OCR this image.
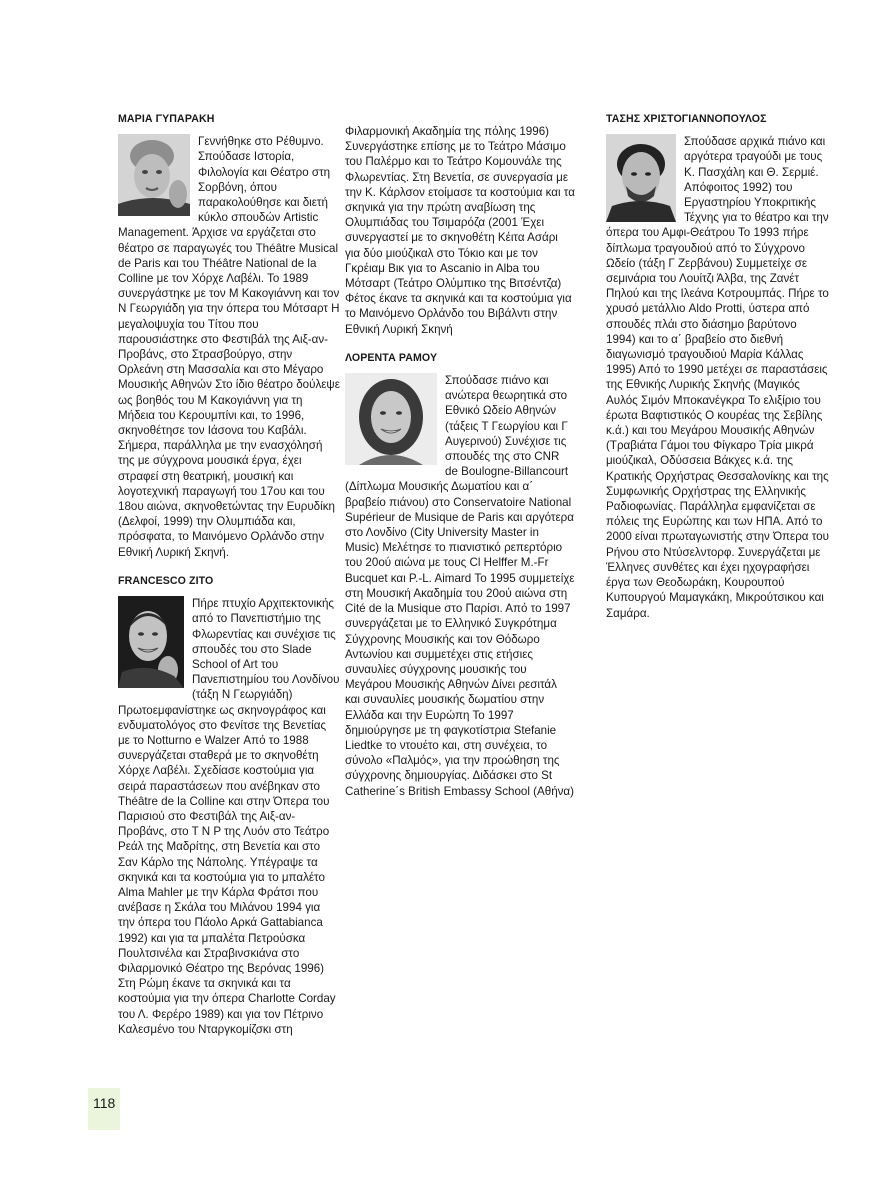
ΜΑΡΙΑ ΓΥΠΑΡΑΚΗ

Γεννήθηκε στο Ρέθυμνο. Σπούδασε Ιστορία, Φιλολογία και Θέατρο στη Σορβόνη, όπου παρακολούθησε και διετή κύκλο σπουδών Artistic Management. Άρχισε να εργάζεται στο θέατρο σε παραγωγές του Théâtre Musical de Paris και του Théâtre National de la Colline με τον Χόρχε Λαβέλι. Το 1989 συνεργάστηκε με τον Μ Κακογιάννη και τον Ν Γεωργιάδη για την όπερα του Μότσαρτ Η μεγαλοψυχία του Τίτου που παρουσιάστηκε στο Φεστιβάλ της Αιξ-αν-Προβάνς, στο Στρασβούργο, στην Ορλεάνη στη Μασσαλία και στο Μέγαρο Μουσικής Αθηνών Στο ίδιο θέατρο δούλεψε ως βοηθός του Μ Κακογιάννη για τη Μήδεια του Κερουμπίνι και, το 1996, σκηνοθέτησε τον Ιάσονα του Καβάλι. Σήμερα, παράλληλα με την ενασχόλησή της με σύγχρονα μουσικά έργα, έχει στραφεί στη θεατρική, μουσική και λογοτεχνική παραγωγή του 17ου και του 18ου αιώνα, σκηνοθετώντας την Ευρυδίκη (Δελφοί, 1999) την Ολυμπιάδα και, πρόσφατα, το Μαινόμενο Ορλάνδο στην Εθνική Λυρική Σκηνή.

FRANCESCO ZITO

Πήρε πτυχίο Αρχιτεκτονικής από το Πανεπιστήμιο της Φλωρεντίας και συνέχισε τις σπουδές του στο Slade School of Art του Πανεπιστημίου του Λονδίνου (τάξη Ν Γεωργιάδη) Πρωτοεμφανίστηκε ως σκηνογράφος και ενδυματολόγος στο Φενίτσε της Βενετίας με το Notturno e Walzer Από το 1988 συνεργάζεται σταθερά με το σκηνοθέτη Χόρχε Λαβέλι. Σχεδίασε κοστούμια για σειρά παραστάσεων που ανέβηκαν στο Théâtre de la Colline και στην Όπερα του Παρισιού στο Φεστιβάλ της Αιξ-αν-Προβάνς, στο Τ Ν Ρ της Λυόν στο Τεάτρο Ρεάλ της Μαδρίτης, στη Βενετία και στο Σαν Κάρλο της Νάπολης. Υπέγραψε τα σκηνικά και τα κοστούμια για το μπαλέτο Alma Mahler με την Κάρλα Φράτσι που ανέβασε η Σκάλα του Μιλάνου 1994 για την όπερα του Πάολο Αρκά Gattabianca 1992) και για τα μπαλέτα Πετρούσκα Πουλτσινέλα και Στραβινσκιάνα στο Φιλαρμονικό Θέατρο της Βερόνας 1996) Στη Ρώμη έκανε τα σκηνικά και τα κοστούμια για την όπερα Charlotte Corday του Λ. Φερέρο 1989) και για τον Πέτρινο Καλεσμένο του Νταργκομίζσκι στη

Φιλαρμονική Ακαδημία της πόλης 1996) Συνεργάστηκε επίσης με το Τεάτρο Μάσιμο του Παλέρμο και το Τεάτρο Κομουνάλε της Φλωρεντίας. Στη Βενετία, σε συνεργασία με την Κ. Κάρλσον ετοίμασε τα κοστούμια και τα σκηνικά για την πρώτη αναβίωση της Ολυμπιάδας του Τσιμαρόζα (2001 Έχει συνεργαστεί με το σκηνοθέτη Κέιτα Ασάρι για δύο μιούζικαλ στο Τόκιο και με τον Γκρέιαμ Βικ για το Ascanio in Alba του Μότσαρτ (Τεάτρο Ολύμπικο της Βιτσέντζα) Φέτος έκανε τα σκηνικά και τα κοστούμια για το Μαινόμενο Ορλάνδο του Βιβάλντι στην Εθνική Λυρική Σκηνή

ΛΟΡΕΝΤΑ ΡΑΜΟΥ

Σπούδασε πιάνο και ανώτερα θεωρητικά στο Εθνικό Ωδείο Αθηνών (τάξεις Τ Γεωργίου και Γ Αυγερινού) Συνέχισε τις σπουδές της στο CNR de Boulogne-Billancourt (Δίπλωμα Μουσικής Δωματίου και α΄ βραβείο πιάνου) στο Conservatoire National Supérieur de Musique de Paris και αργότερα στο Λονδίνο (City University Master in Music) Μελέτησε το πιανιστικό ρεπερτόριο του 20ού αιώνα με τους Cl Helffer M.-Fr Bucquet και P.-L. Aimard Το 1995 συμμετείχε στη Μουσική Ακαδημία του 20ού αιώνα στη Cité de la Musique στο Παρίσι. Από το 1997 συνεργάζεται με το Ελληνικό Συγκρότημα Σύγχρονης Μουσικής και τον Θόδωρο Αντωνίου και συμμετέχει στις ετήσιες συναυλίες σύγχρονης μουσικής του Μεγάρου Μουσικής Αθηνών Δίνει ρεσιτάλ και συναυλίες μουσικής δωματίου στην Ελλάδα και την Ευρώπη Το 1997 δημιούργησε με τη φαγκοτίστρια Stefanie Liedtke το ντουέτο και, στη συνέχεια, το σύνολο «Παλμός», για την προώθηση της σύγχρονης δημιουργίας. Διδάσκει στο St Catherine΄s British Embassy School (Αθήνα)

ΤΑΣΗΣ ΧΡΙΣΤΟΓΙΑΝΝΟΠΟΥΛΟΣ

Σπούδασε αρχικά πιάνο και αργότερα τραγούδι με τους Κ. Πασχάλη και Θ. Σερμιέ. Απόφοιτος 1992) του Εργαστηρίου Υποκριτικής Τέχνης για το θέατρο και την όπερα του Αμφι-Θεάτρου Το 1993 πήρε δίπλωμα τραγουδιού από το Σύγχρονο Ωδείο (τάξη Γ Ζερβάνου) Συμμετείχε σε σεμινάρια του Λουίτζι Άλβα, της Ζανέτ Πηλού και της Ιλεάνα Κοτρουμπάς. Πήρε το χρυσό μετάλλιο Aldo Protti, ύστερα από σπουδές πλάι στο διάσημο βαρύτονο 1994) και το α΄ βραβείο στο διεθνή διαγωνισμό τραγουδιού Μαρία Κάλλας 1995) Από το 1990 μετέχει σε παραστάσεις της Εθνικής Λυρικής Σκηνής (Μαγικός Αυλός Σιμόν Μποκανέγκρα Το ελιξίριο του έρωτα Βαφτιστικός Ο κουρέας της Σεβίλης κ.ά.) και του Μεγάρου Μουσικής Αθηνών (Τραβιάτα Γάμοι του Φίγκαρο Τρία μικρά μιούζικαλ, Οδύσσεια Βάκχες κ.ά. της Κρατικής Ορχήστρας Θεσσαλονίκης και της Συμφωνικής Ορχήστρας της Ελληνικής Ραδιοφωνίας. Παράλληλα εμφανίζεται σε πόλεις της Ευρώπης και των ΗΠΑ. Από το 2000 είναι πρωταγωνιστής στην Όπερα του Ρήνου στο Ντύσελντορφ. Συνεργάζεται με Έλληνες συνθέτες και έχει ηχογραφήσει έργα των Θεοδωράκη, Κουρουπού Κυπουργού Μαμαγκάκη, Μικρούτσικου και Σαμάρα.

118
